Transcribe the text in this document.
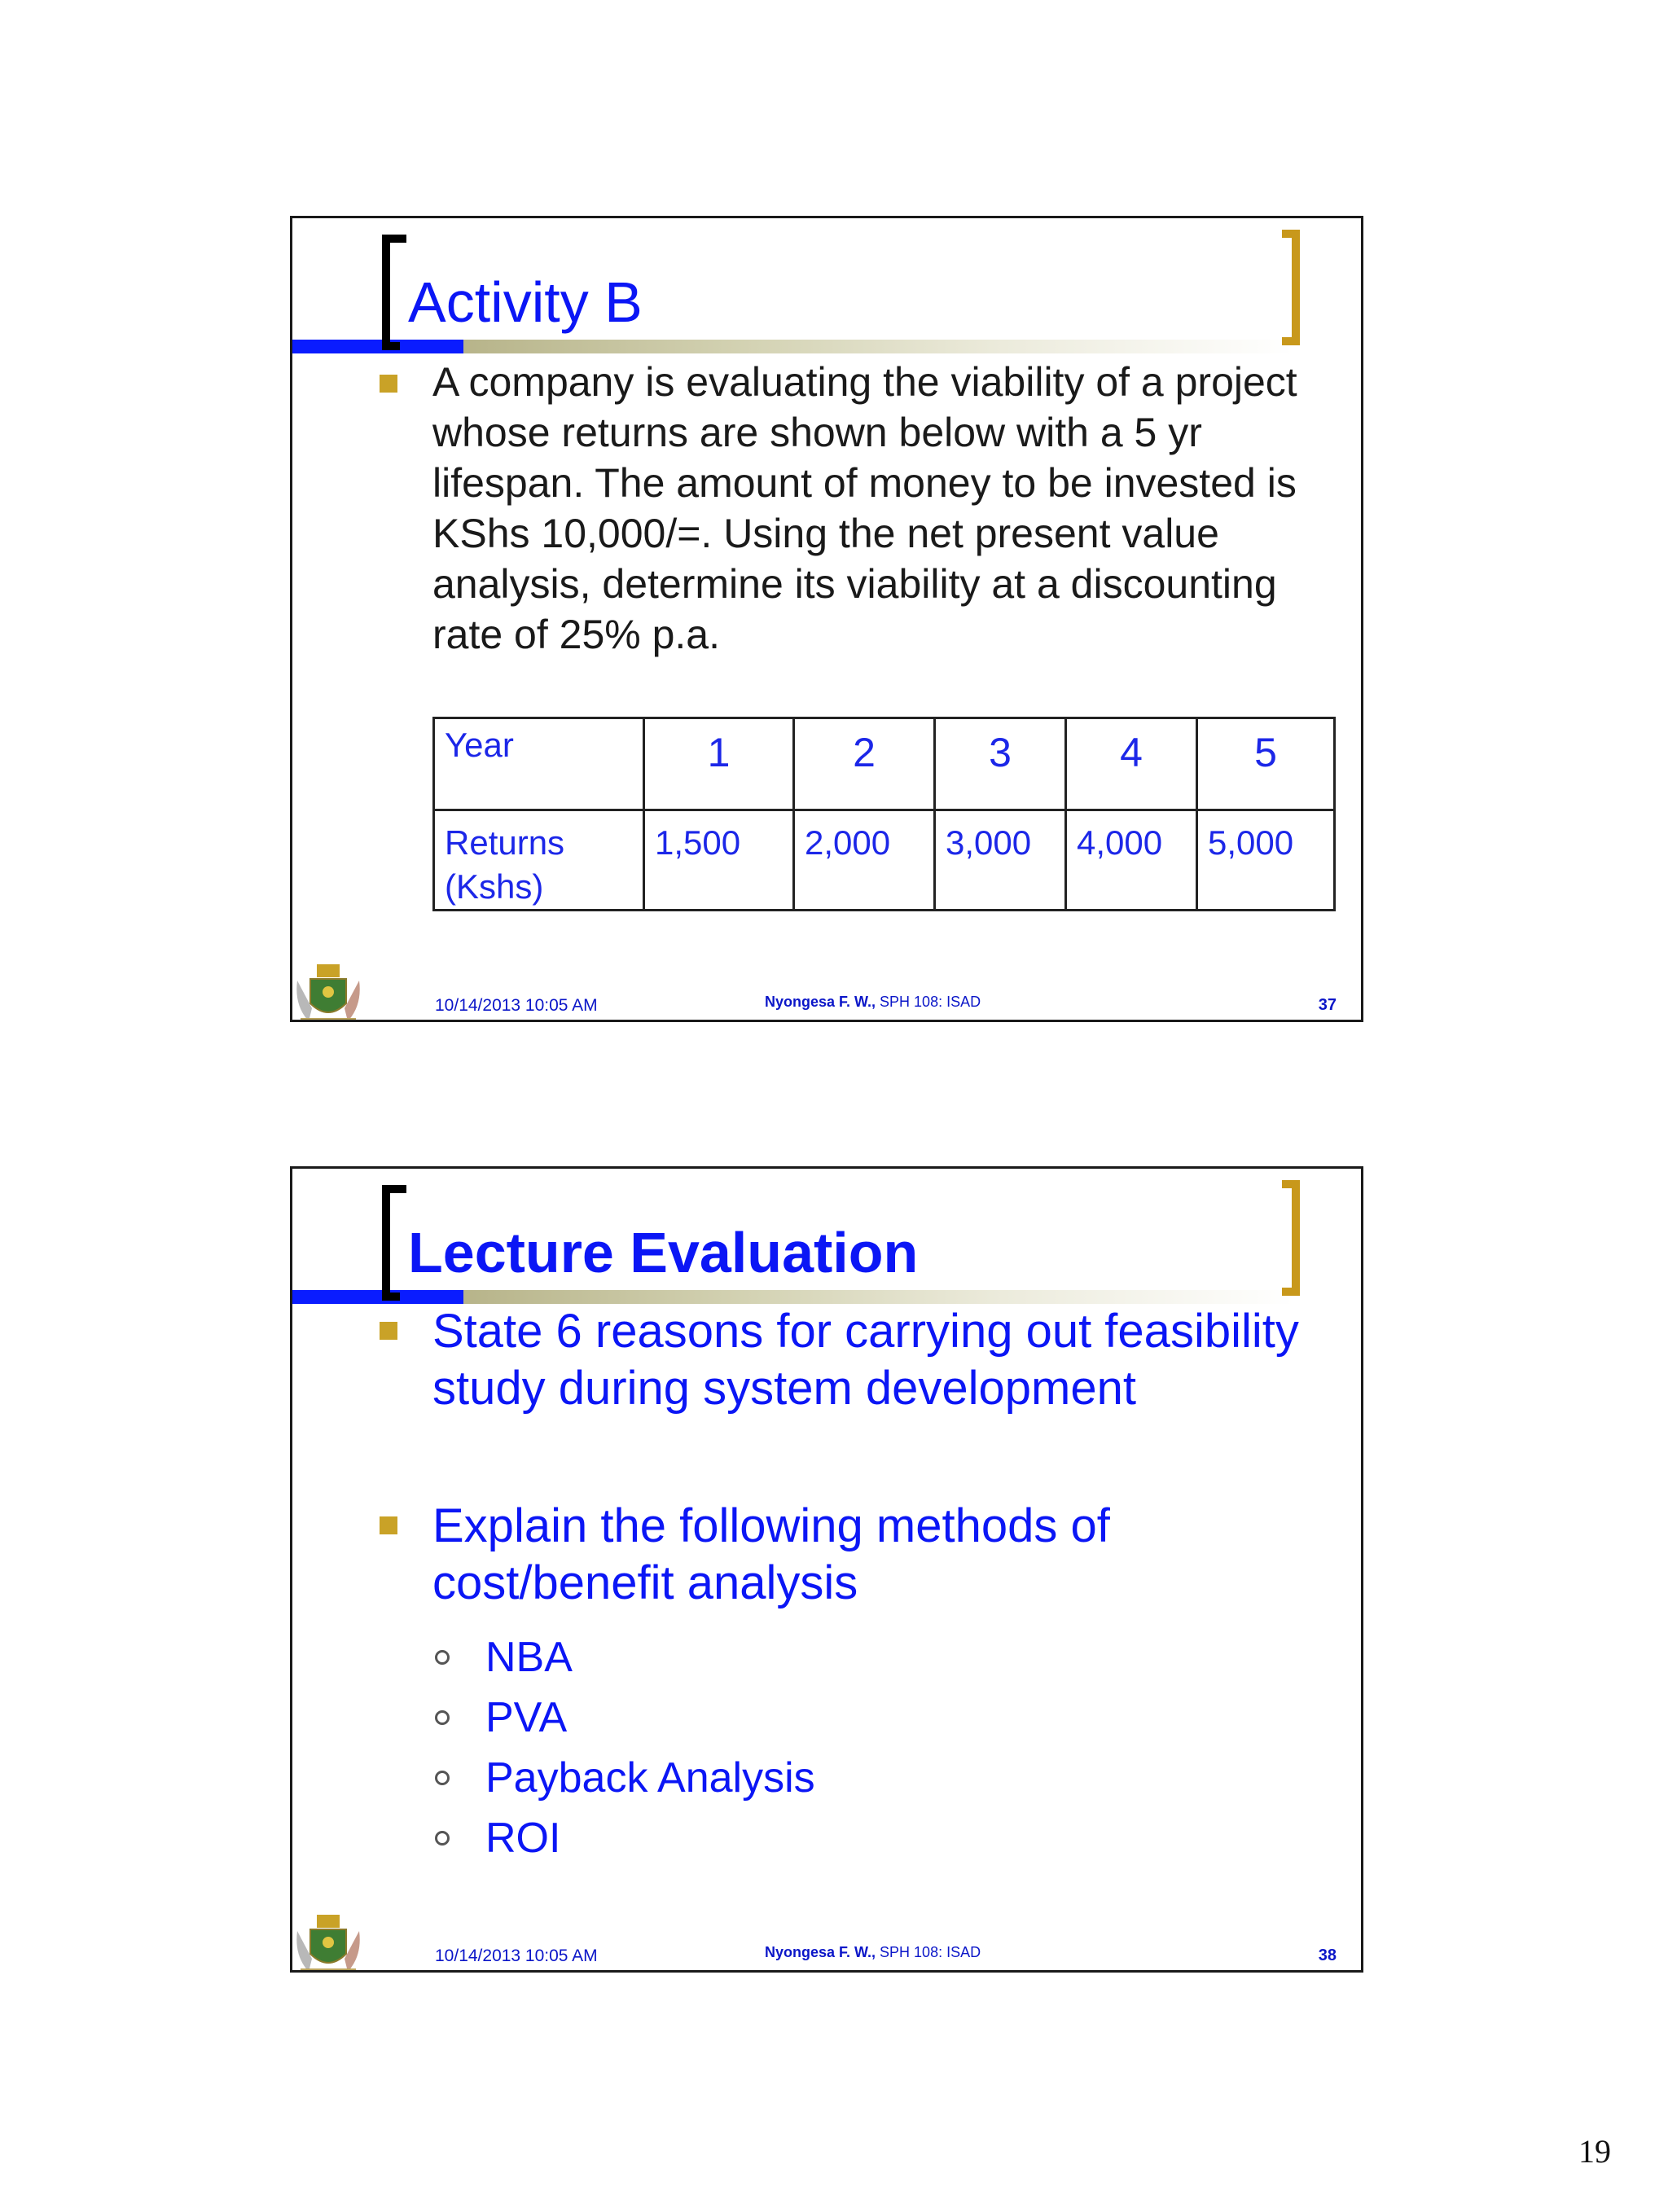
Activity B
A company is evaluating the viability of a project
whose returns are shown below with a 5 yr
lifespan. The amount of money to be invested is
KShs 10,000/=. Using the net present value
analysis, determine its viability at a discounting
rate of 25% p.a.
Year	1	2	3	4	5

Returns
(Kshs)	1,500	2,000	3,000	4,000	5,000
10/14/2013 10:05 AM	Nyongesa F. W., SPH 108: ISAD	37
Lecture Evaluation
State 6 reasons for carrying out feasibility
study during system development
Explain the following methods of
cost/benefit analysis
NBA
PVA
Payback Analysis
ROI
10/14/2013 10:05 AM	Nyongesa F. W., SPH 108: ISAD	38
19
